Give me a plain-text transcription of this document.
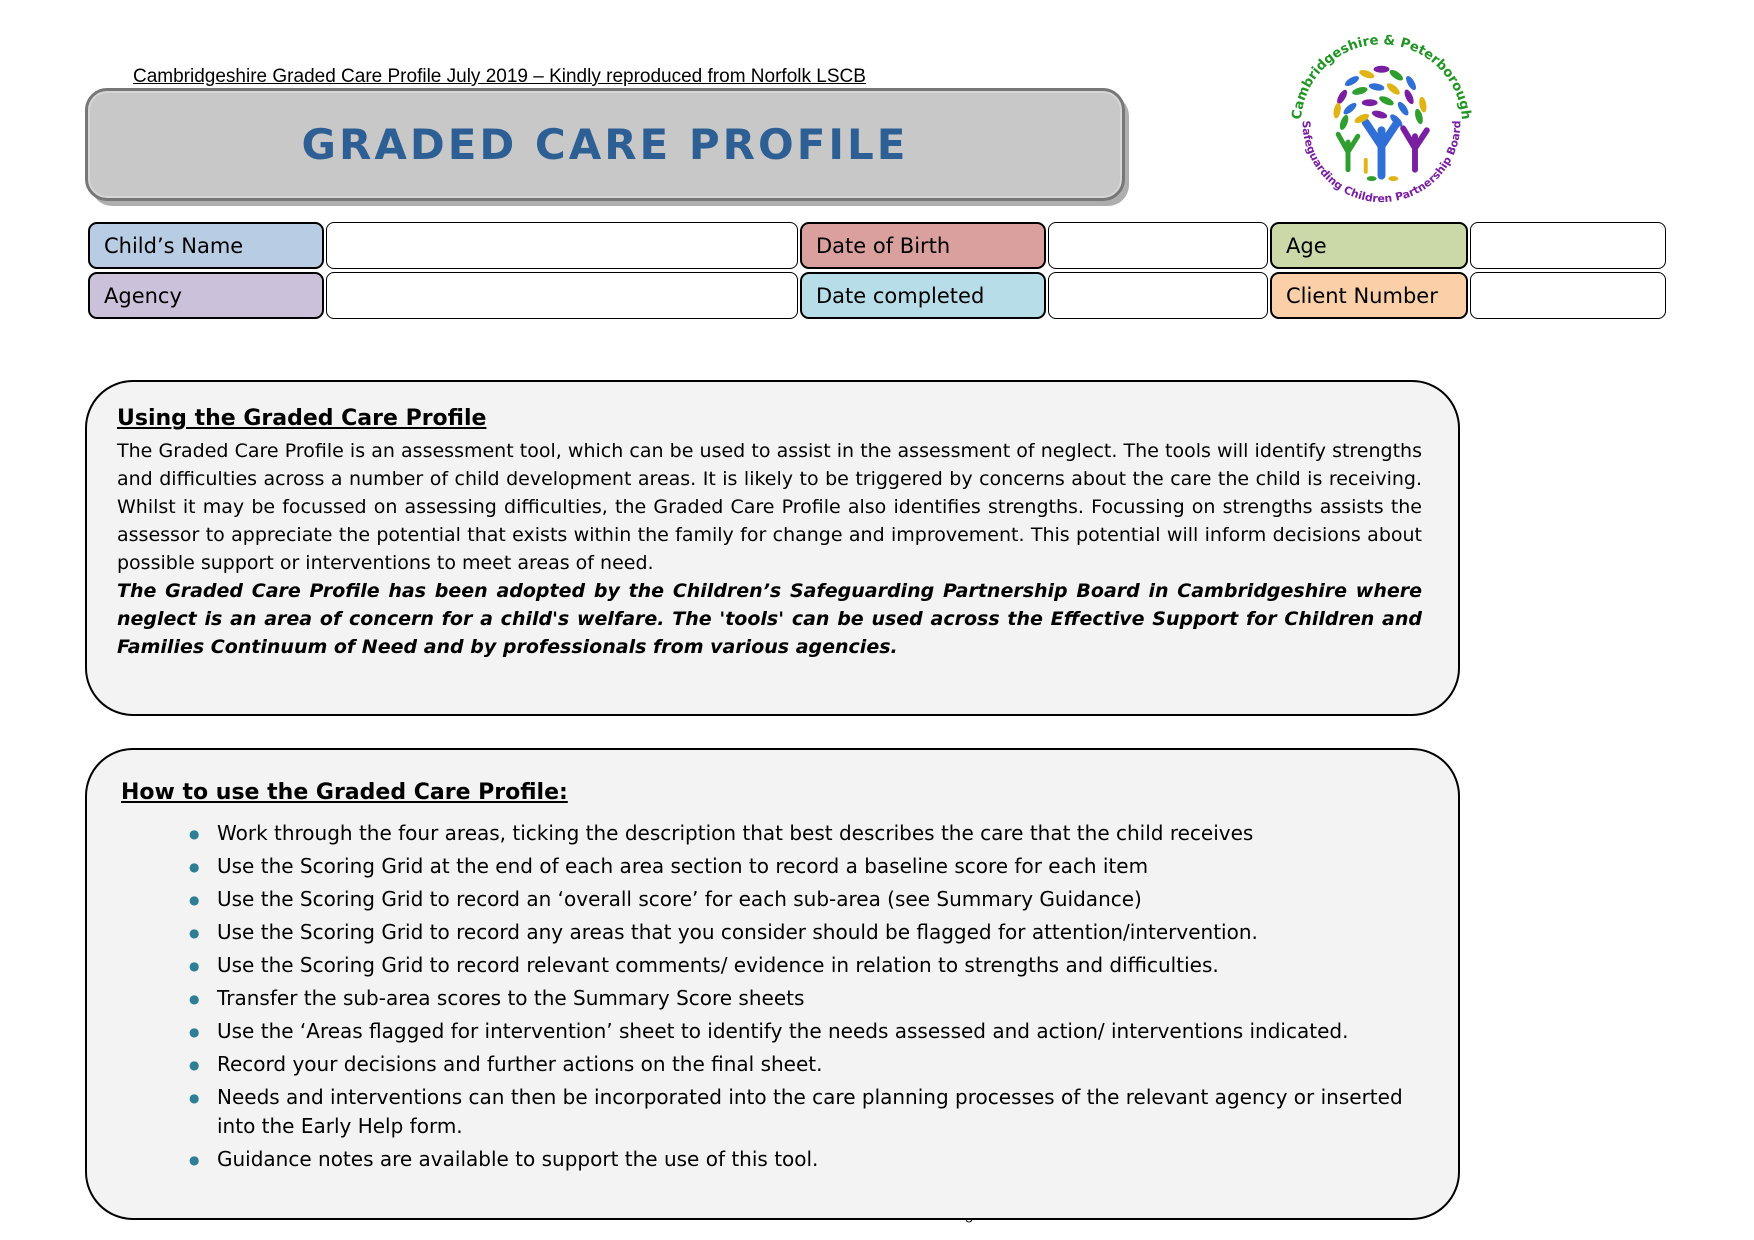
Cambridgeshire Graded Care Profile July 2019 – Kindly reproduced from Norfolk LSCB
GRADED CARE PROFILE
Cambridgeshire & Peterborough
Safeguarding Children Partnership Board
Child’s Name	Date of Birth	Age
Agency	Date completed	Client Number
Using the Graded Care Profile

The Graded Care Profile is an assessment tool, which can be used to assist in the assessment of neglect. The tools will identify strengths and difficulties across a number of child development areas. It is likely to be triggered by concerns about the care the child is receiving. Whilst it may be focussed on assessing difficulties, the Graded Care Profile also identifies strengths. Focussing on strengths assists the assessor to appreciate the potential that exists within the family for change and improvement. This potential will inform decisions about possible support or interventions to meet areas of need.

The Graded Care Profile has been adopted by the Children’s Safeguarding Partnership Board in Cambridgeshire where neglect is an area of concern for a child's welfare. The 'tools' can be used across the Effective Support for Children and Families Continuum of Need and by professionals from various agencies.

How to use the Graded Care Profile:
● Work through the four areas, ticking the description that best describes the care that the child receives
● Use the Scoring Grid at the end of each area section to record a baseline score for each item
● Use the Scoring Grid to record an ‘overall score’ for each sub-area (see Summary Guidance)
● Use the Scoring Grid to record any areas that you consider should be flagged for attention/intervention.
● Use the Scoring Grid to record relevant comments/ evidence in relation to strengths and difficulties.
● Transfer the sub-area scores to the Summary Score sheets
● Use the ‘Areas flagged for intervention’ sheet to identify the needs assessed and action/ interventions indicated.
● Record your decisions and further actions on the final sheet.
● Needs and interventions can then be incorporated into the care planning processes of the relevant agency or inserted into the Early Help form.
● Guidance notes are available to support the use of this tool.
